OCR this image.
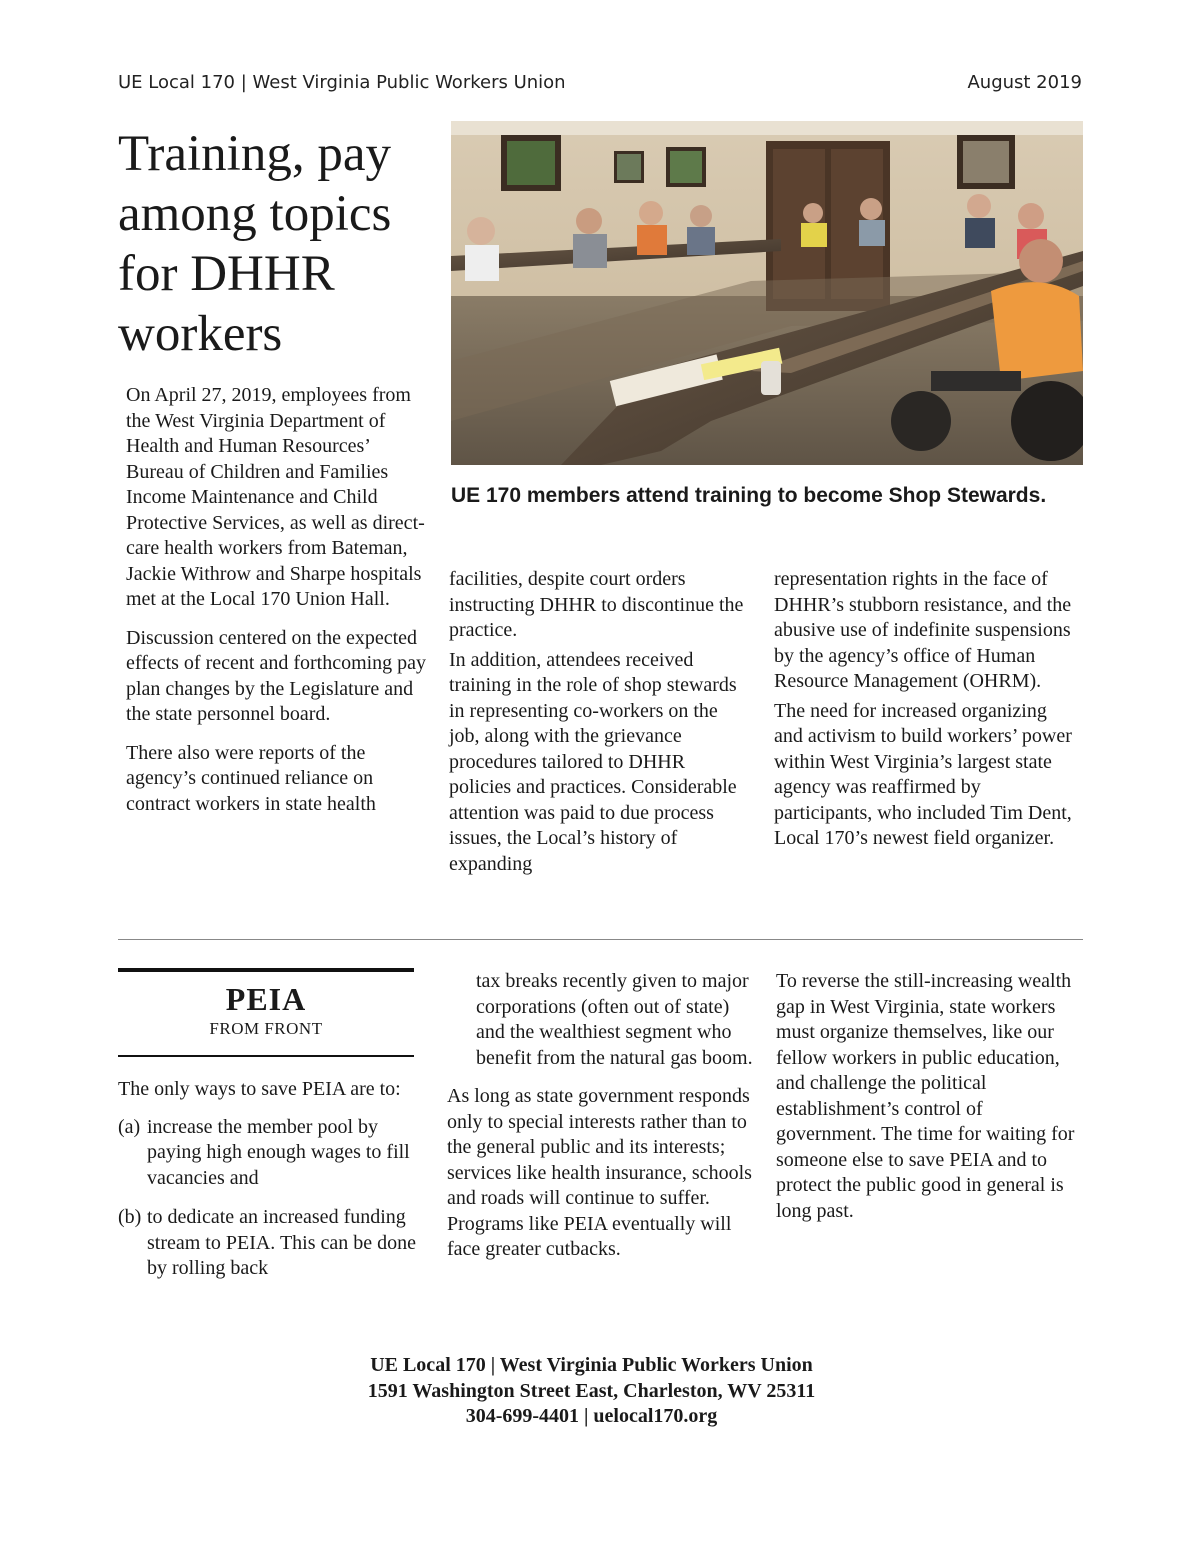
UE Local 170 | West Virginia Public Workers Union	August 2019
Training, pay among topics for DHHR workers
UE 170 members attend training to become Shop Stewards.

On April 27, 2019, employees from the West Virginia Department of Health and Human Resources’ Bureau of Children and Families Income Maintenance and Child Protective Services, as well as direct-care health workers from Bateman, Jackie Withrow and Sharpe hospitals met at the Local 170 Union Hall.

Discussion centered on the expected effects of recent and forthcoming pay plan changes by the Legislature and the state personnel board.

There also were reports of the agency’s continued reliance on contract workers in state health

facilities, despite court orders instructing DHHR to discontinue the practice.

In addition, attendees received training in the role of shop stewards in representing co-workers on the job, along with the grievance procedures tailored to DHHR policies and practices. Considerable attention was paid to due process issues, the Local’s history of expanding

representation rights in the face of DHHR’s stubborn resistance, and the abusive use of indefinite suspensions by the agency’s office of Human Resource Management (OHRM).

The need for increased organizing and activism to build workers’ power within West Virginia’s largest state agency was reaffirmed by participants, who included Tim Dent, Local 170’s newest field organizer.

PEIA
FROM FRONT

The only ways to save PEIA are to:

(a) increase the member pool by paying high enough wages to fill vacancies and
(b) to dedicate an increased funding stream to PEIA. This can be done by rolling back

tax breaks recently given to major corporations (often out of state) and the wealthiest segment who benefit from the natural gas boom.

As long as state government responds only to special interests rather than to the general public and its interests; services like health insurance, schools and roads will continue to suffer. Programs like PEIA eventually will face greater cutbacks.

To reverse the still-increasing wealth gap in West Virginia, state workers must organize themselves, like our fellow workers in public education, and challenge the political establishment’s control of government. The time for waiting for someone else to save PEIA and to protect the public good in general is long past.

UE Local 170 | West Virginia Public Workers Union
1591 Washington Street East, Charleston, WV 25311
304-699-4401 | uelocal170.org
